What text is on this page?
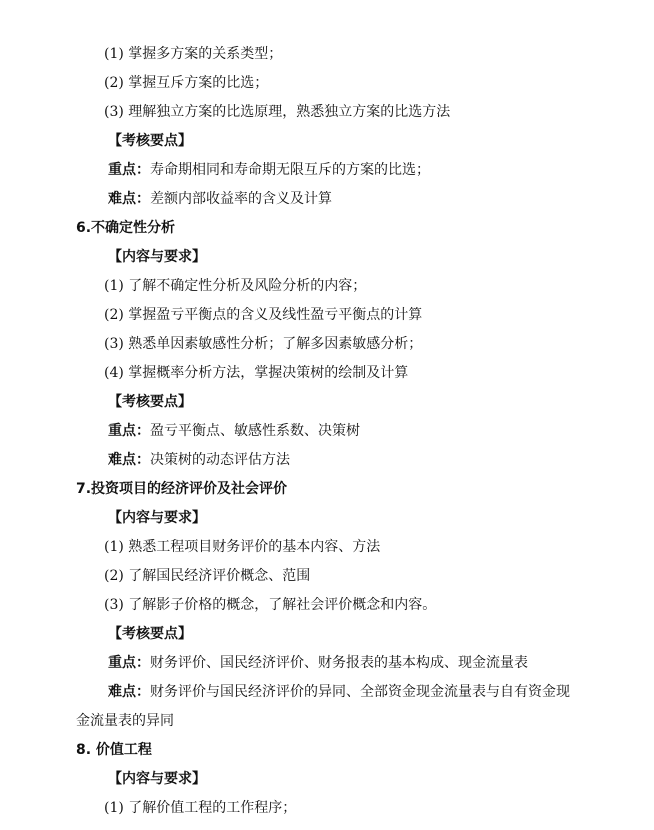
(1) 掌握多方案的关系类型；
(2) 掌握互斥方案的比选；
(3) 理解独立方案的比选原理，熟悉独立方案的比选方法
【考核要点】
重点：寿命期相同和寿命期无限互斥的方案的比选；
难点：差额内部收益率的含义及计算
6.不确定性分析
【内容与要求】
(1) 了解不确定性分析及风险分析的内容；
(2) 掌握盈亏平衡点的含义及线性盈亏平衡点的计算
(3) 熟悉单因素敏感性分析；了解多因素敏感分析；
(4) 掌握概率分析方法，掌握决策树的绘制及计算
【考核要点】
重点：盈亏平衡点、敏感性系数、决策树
难点：决策树的动态评估方法
7.投资项目的经济评价及社会评价
【内容与要求】
(1) 熟悉工程项目财务评价的基本内容、方法
(2) 了解国民经济评价概念、范围
(3) 了解影子价格的概念，了解社会评价概念和内容。
【考核要点】
重点：财务评价、国民经济评价、财务报表的基本构成、现金流量表
难点：财务评价与国民经济评价的异同、全部资金现金流量表与自有资金现
金流量表的异同
8. 价值工程
【内容与要求】
(1) 了解价值工程的工作程序；
